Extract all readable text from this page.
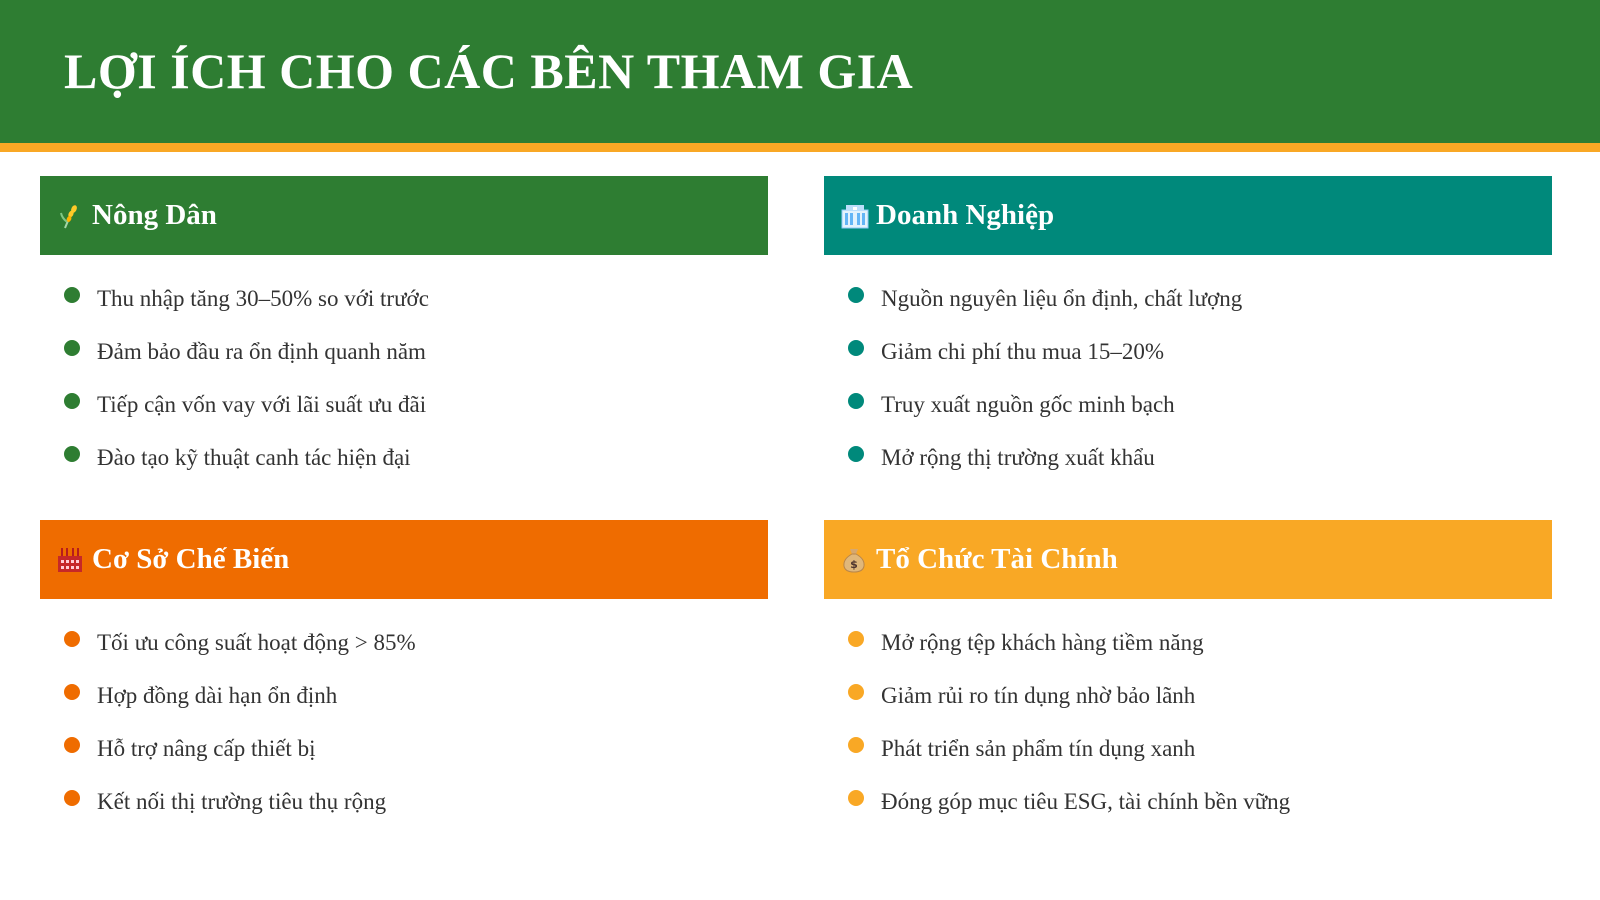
LỢI ÍCH CHO CÁC BÊN THAM GIA
Nông Dân
Thu nhập tăng 30–50% so với trước
Đảm bảo đầu ra ổn định quanh năm
Tiếp cận vốn vay với lãi suất ưu đãi
Đào tạo kỹ thuật canh tác hiện đại
Doanh Nghiệp
Nguồn nguyên liệu ổn định, chất lượng
Giảm chi phí thu mua 15–20%
Truy xuất nguồn gốc minh bạch
Mở rộng thị trường xuất khẩu
Cơ Sở Chế Biến
Tối ưu công suất hoạt động > 85%
Hợp đồng dài hạn ổn định
Hỗ trợ nâng cấp thiết bị
Kết nối thị trường tiêu thụ rộng
$ Tổ Chức Tài Chính
Mở rộng tệp khách hàng tiềm năng
Giảm rủi ro tín dụng nhờ bảo lãnh
Phát triển sản phẩm tín dụng xanh
Đóng góp mục tiêu ESG, tài chính bền vững
